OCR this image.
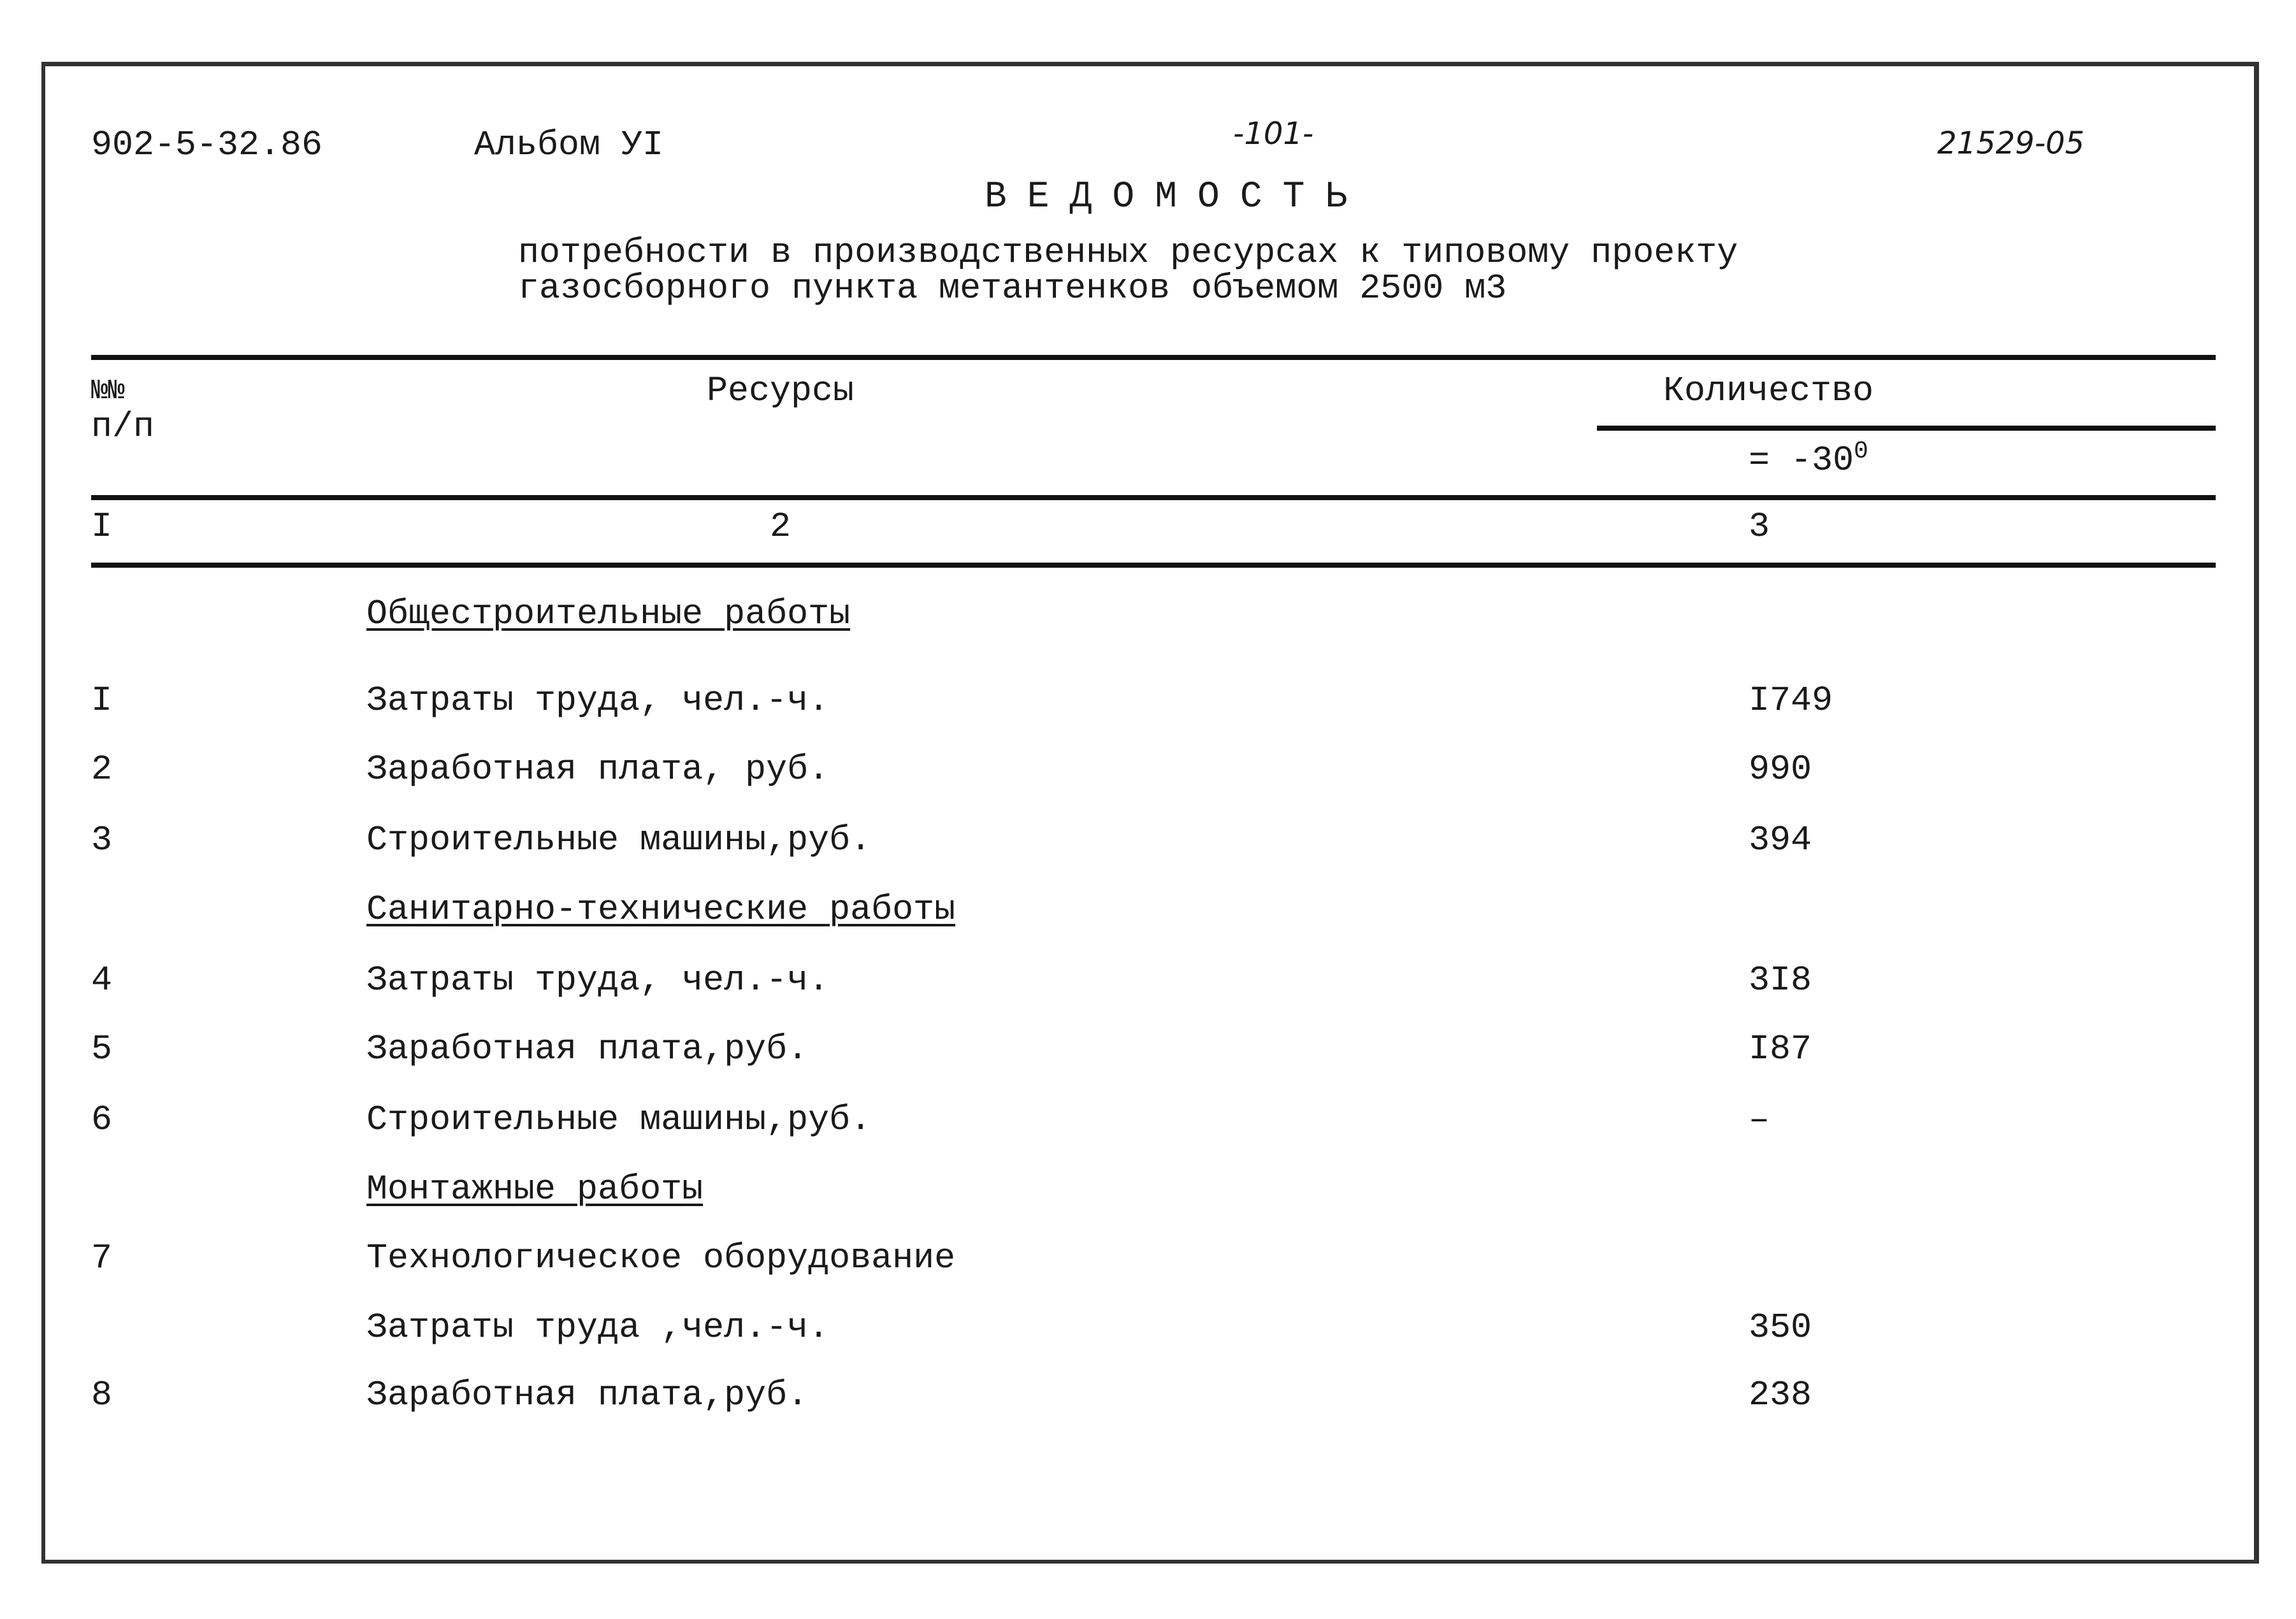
902-5-32.86	Альбом УI	-101-	21529-05
ВЕДОМОСТЬ
потребности в производственных ресурсах к типовому проекту
газосборного пункта метантенков объемом 2500 м3
№№
п/п
Ресурсы	Количество
= $-30^0$
I	2	3
Общестроительные работы
I	Затраты труда, чел.-ч.	I749
2	Заработная плата, руб.	990
3	Строительные машины,руб.	394
Санитарно-технические работы
4	Затраты труда, чел.-ч.	3I8
5	Заработная плата,руб.	I87
6	Строительные машины,руб.	–
Монтажные работы
7	Технологическое оборудование
Затраты труда ,чел.-ч.	350
8	Заработная плата,руб.	238
